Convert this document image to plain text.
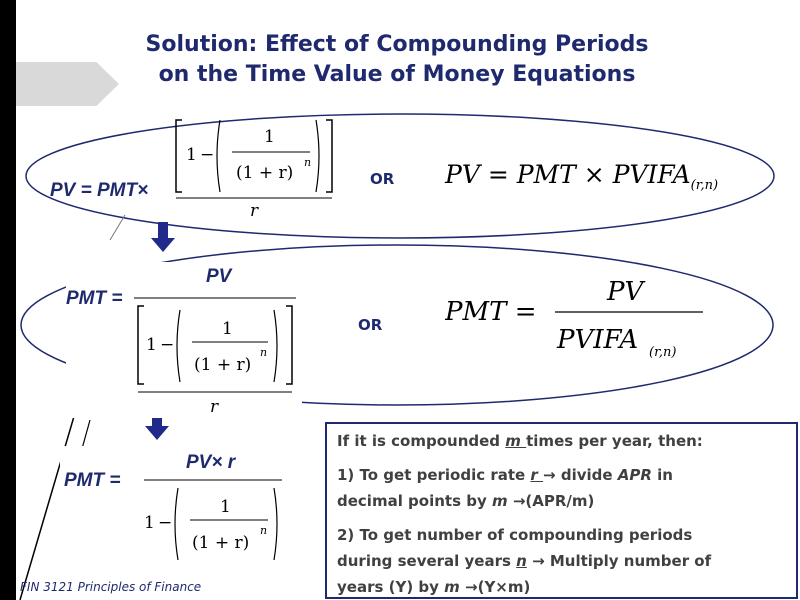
Solution: Effect of Compounding Periods
on the Time Value of Money Equations
PV = PMT×
1 −
1
(1 + r)
n
r
OR PV = PMT × $PVIFA_{(r,n)}$
PMT =
PV
1 −
1
(1 + r)
n
r
OR PMT =
PV
PVIFA (r,n)
PMT =
PV× r
1 −
1
(1 + r)
n
If it is compounded m times per year, then:
1) To get periodic rate r → divide APR in
decimal points by m →(APR/m)
2) To get number of compounding periods
during several years n → Multiply number of
years (Y) by m →(Y×m)
FIN 3121 Principles of Finance
